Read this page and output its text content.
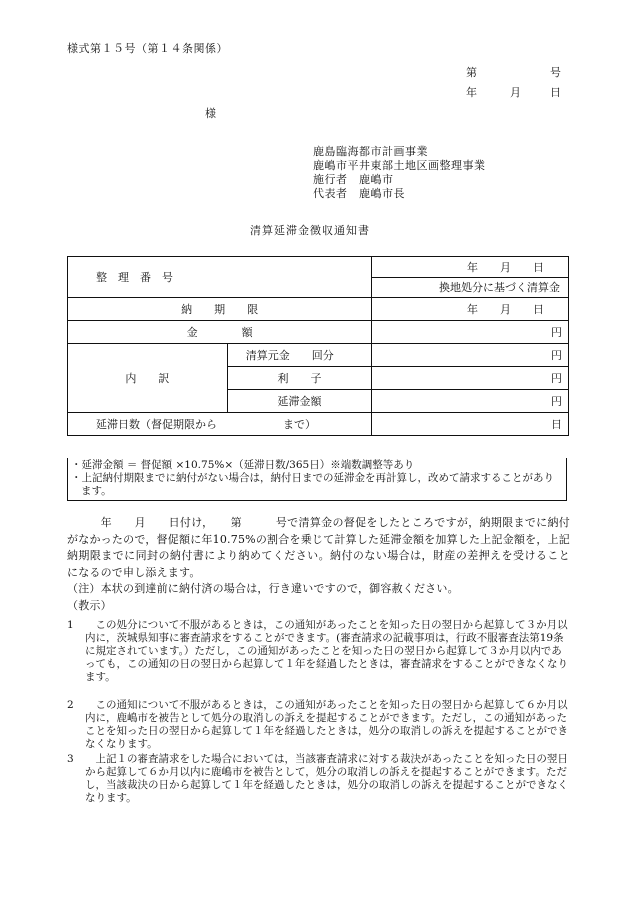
様式第１５号（第１４条関係）
第	号
年	月	日
様
鹿島臨海都市計画事業
鹿嶋市平井東部土地区画整理事業
施行者　鹿嶋市
代表者　鹿嶋市長
清算延滞金徴収通知書
整　理　番　号		年　　月　　日
		換地処分に基づく清算金
納　　期　　限		年　　月　　日
金　　　　額		円
内　　訳	清算元金　　回分	円
	利　　子	円
	延滞金額	円
延滞日数（督促期限から　　　　　　まで）		日
・延滞金額 ＝ 督促額 ×10.75%×（延滞日数/365日）※端数調整等あり
・上記納付期限までに納付がない場合は，納付日までの延滞金を再計算し，改めて請求することがあります。
　　年　　月　　日付け，　　第　　　号で清算金の督促をしたところですが，納期限までに納付がなかったので，督促額に年10.75%の割合を乗じて計算した延滞金額を加算した上記金額を，上記納期限までに同封の納付書により納めてください。納付のない場合は，財産の差押えを受けることになるので申し添えます。
（注）本状の到達前に納付済の場合は，行き違いですので，御容赦ください。
（教示）
1 　この処分について不服があるときは，この通知があったことを知った日の翌日から起算して３か月以内に，茨城県知事に審査請求をすることができます。(審査請求の記載事項は，行政不服審査法第19条に規定されています。）ただし，この通知があったことを知った日の翌日から起算して３か月以内であっても，この通知の日の翌日から起算して１年を経過したときは，審査請求をすることができなくなります。
2 　この通知について不服があるときは，この通知があったことを知った日の翌日から起算して６か月以内に，鹿嶋市を被告として処分の取消しの訴えを提起することができます。ただし，この通知があったことを知った日の翌日から起算して１年を経過したときは，処分の取消しの訴えを提起することができなくなります。
3 　上記１の審査請求をした場合においては，当該審査請求に対する裁決があったことを知った日の翌日から起算して６か月以内に鹿嶋市を被告として，処分の取消しの訴えを提起することができます。ただし，当該裁決の日から起算して１年を経過したときは，処分の取消しの訴えを提起することができなくなります。
